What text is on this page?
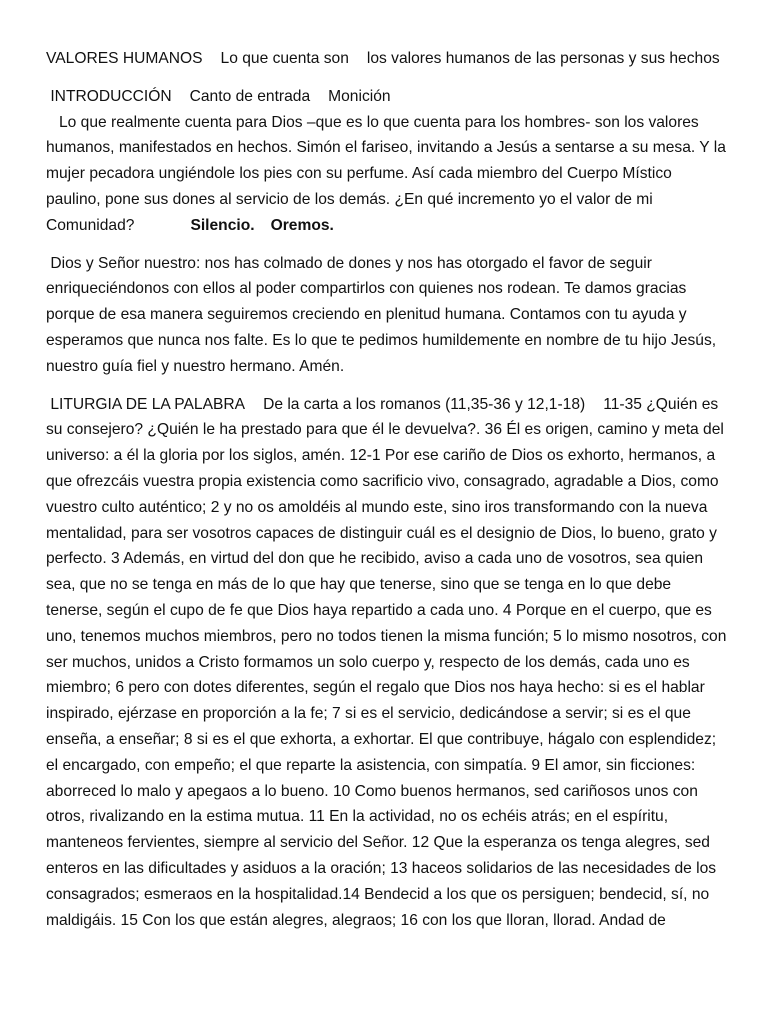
VALORES HUMANOS Lo que cuenta son los valores humanos de las personas y sus hechos

INTRODUCCIÓN Canto de entrada Monición

Lo que realmente cuenta para Dios –que es lo que cuenta para los hombres- son los valores humanos, manifestados en hechos. Simón el fariseo, invitando a Jesús a sentarse a su mesa. Y la mujer pecadora ungiéndole los pies con su perfume. Así cada miembro del Cuerpo Místico paulino, pone sus dones al servicio de los demás. ¿En qué incremento yo el valor de mi Comunidad?	Silencio. Oremos.

Dios y Señor nuestro: nos has colmado de dones y nos has otorgado el favor de seguir enriqueciéndonos con ellos al poder compartirlos con quienes nos rodean. Te damos gracias porque de esa manera seguiremos creciendo en plenitud humana. Contamos con tu ayuda y esperamos que nunca nos falte. Es lo que te pedimos humildemente en nombre de tu hijo Jesús, nuestro guía fiel y nuestro hermano. Amén.

LITURGIA DE LA PALABRA De la carta a los romanos (11,35-36 y 12,1-18) 11-35 ¿Quién es su consejero? ¿Quién le ha prestado para que él le devuelva?. 36 Él es origen, camino y meta del universo: a él la gloria por los siglos, amén. 12-1 Por ese cariño de Dios os exhorto, hermanos, a que ofrezcáis vuestra propia existencia como sacrificio vivo, consagrado, agradable a Dios, como vuestro culto auténtico; 2 y no os amoldéis al mundo este, sino iros transformando con la nueva mentalidad, para ser vosotros capaces de distinguir cuál es el designio de Dios, lo bueno, grato y perfecto. 3 Además, en virtud del don que he recibido, aviso a cada uno de vosotros, sea quien sea, que no se tenga en más de lo que hay que tenerse, sino que se tenga en lo que debe tenerse, según el cupo de fe que Dios haya repartido a cada uno. 4 Porque en el cuerpo, que es uno, tenemos muchos miembros, pero no todos tienen la misma función; 5 lo mismo nosotros, con ser muchos, unidos a Cristo formamos un solo cuerpo y, respecto de los demás, cada uno es miembro; 6 pero con dotes diferentes, según el regalo que Dios nos haya hecho: si es el hablar inspirado, ejérzase en proporción a la fe; 7 si es el servicio, dedicándose a servir; si es el que enseña, a enseñar; 8 si es el que exhorta, a exhortar. El que contribuye, hágalo con esplendidez; el encargado, con empeño; el que reparte la asistencia, con simpatía. 9 El amor, sin ficciones: aborreced lo malo y apegaos a lo bueno. 10 Como buenos hermanos, sed cariñosos unos con otros, rivalizando en la estima mutua. 11 En la actividad, no os echéis atrás; en el espíritu, manteneos fervientes, siempre al servicio del Señor. 12 Que la esperanza os tenga alegres, sed enteros en las dificultades y asiduos a la oración; 13 haceos solidarios de las necesidades de los consagrados; esmeraos en la hospitalidad.14 Bendecid a los que os persiguen; bendecid, sí, no maldigáis. 15 Con los que están alegres, alegraos; 16 con los que lloran, llorad. Andad de
